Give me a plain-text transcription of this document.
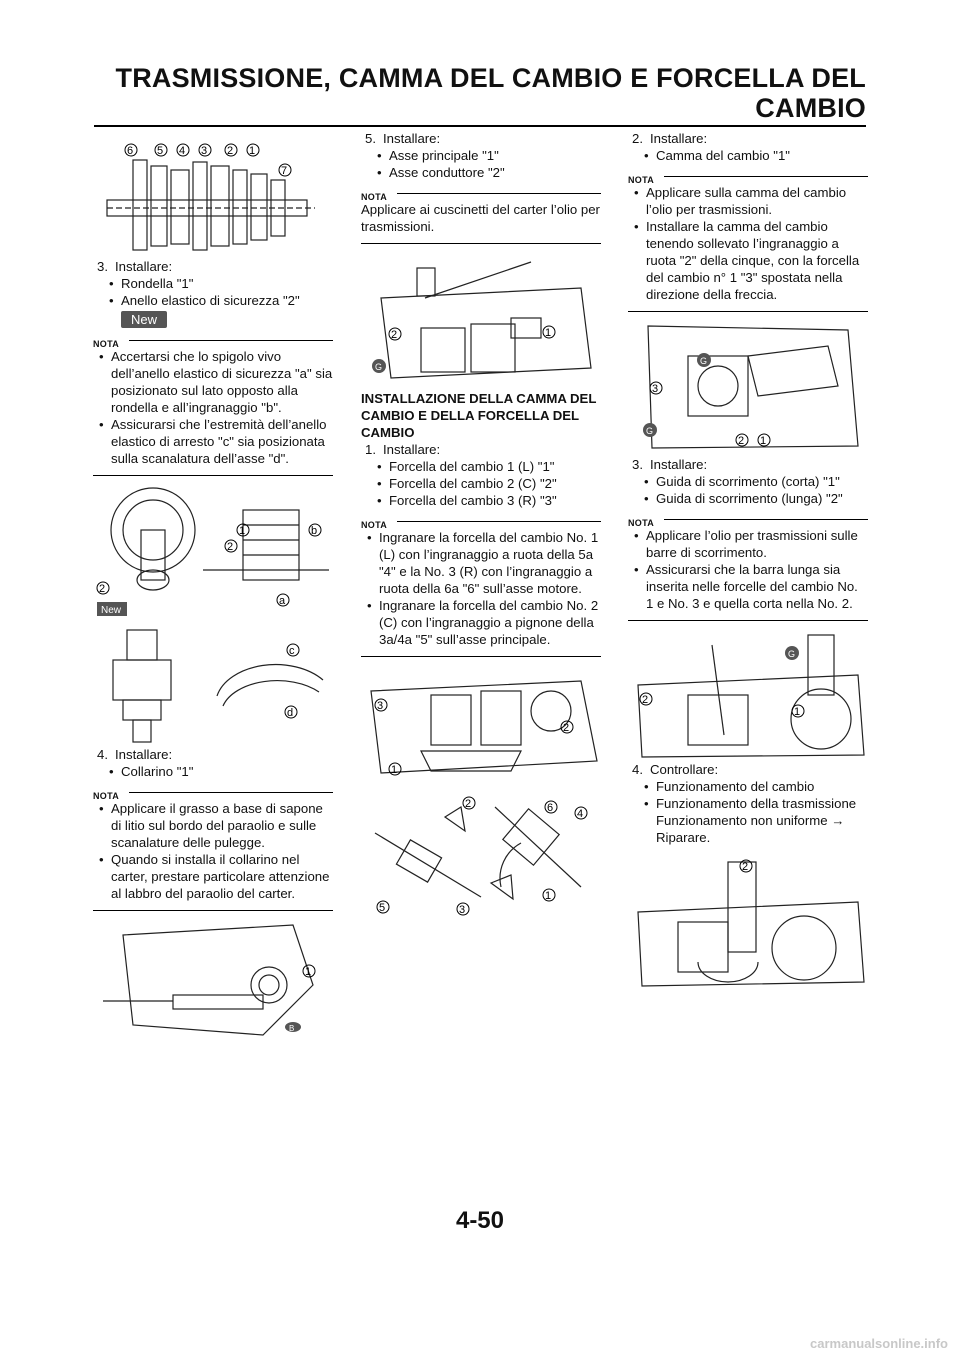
TRASMISSIONE, CAMMA DEL CAMBIO E FORCELLA DEL
CAMBIO
6 5 4 3 2 1
7

3. Installare:

• Rondella "1"

• Anello elastico di sicurezza "2"

New
NOTA

• Accertarsi che lo spigolo vivo dell’anello elastico di sicurezza "a" sia posizionato sul lato opposto alla rondella e all’ingranaggio "b".

• Assicurarsi che l’estremità dell’anello elastico di arresto "c" sia posizionata sulla scanalatura dell’asse "d".

1
2
2
b
a
New
c
d

4. Installare:

• Collarino "1"

NOTA

• Applicare il grasso a base di sapone di litio sul bordo del paraolio e sulle scanalature delle pulegge.

• Quando si installa il collarino nel carter, prestare particolare attenzione al labbro del paraolio del carter.

1
B

5. Installare:

• Asse principale "1"

• Asse conduttore "2"

NOTA

Applicare ai cuscinetti del carter l’olio per trasmissioni.

2	1
G

INSTALLAZIONE DELLA CAMMA DEL CAMBIO E DELLA FORCELLA DEL CAMBIO

1. Installare:

• Forcella del cambio 1 (L) "1"

• Forcella del cambio 2 (C) "2"

• Forcella del cambio 3 (R) "3"

NOTA

• Ingranare la forcella del cambio No. 1 (L) con l’ingranaggio a ruota della 5a "4" e la No. 3 (R) con l’ingranaggio a ruota della 6a "6" sull’asse motore.

• Ingranare la forcella del cambio No. 2 (C) con l’ingranaggio a pignone della 3a/4a "5" sull’asse principale.

3
2
1
2	6 4
5	3
1

2. Installare:

• Camma del cambio "1"

NOTA

• Applicare sulla camma del cambio l’olio per trasmissioni.

• Installare la camma del cambio tenendo sollevato l’ingranaggio a ruota "2" della cinque, con la forcella del cambio n° 1 "3" spostata nella direzione della freccia.

G
3
G
2 1

3. Installare:

• Guida di scorrimento (corta) "1"

• Guida di scorrimento (lunga) "2"

NOTA

• Applicare l’olio per trasmissioni sulle barre di scorrimento.

• Assicurarsi che la barra lunga sia inserita nelle forcelle del cambio No. 1 e No. 3 e quella corta nella No. 2.

G
2
1

4. Controllare:

• Funzionamento del cambio

• Funzionamento della trasmissione

Funzionamento non uniforme →

Riparare.

2
4-50
carmanualsonline.info
